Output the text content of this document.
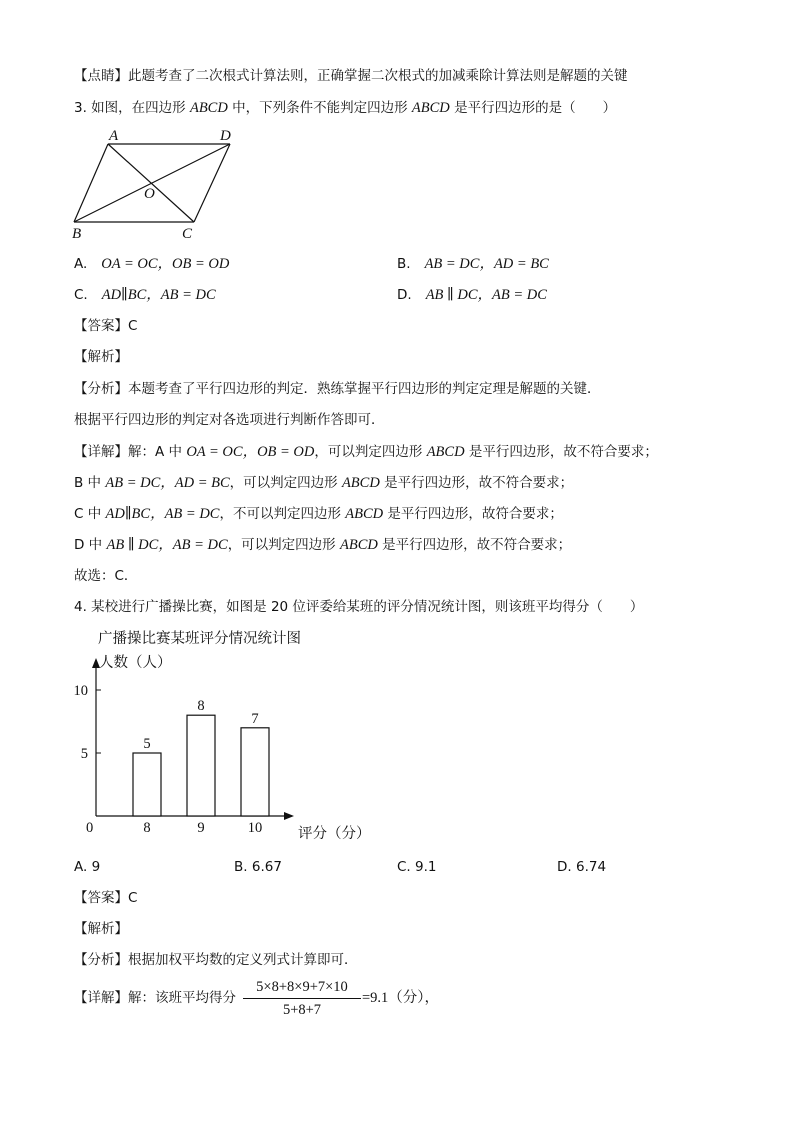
【点睛】此题考查了二次根式计算法则，正确掌握二次根式的加减乘除计算法则是解题的关键
3. 如图，在四边形 ABCD 中，下列条件不能判定四边形 ABCD 是平行四边形的是（　　）
A	D
O
B	C
A. OA = OC，OB = OD	B. AB = DC，AD = BC
C. AD∥BC，AB = DC	D. AB ∥ DC，AB = DC
【答案】C
【解析】
【分析】本题考查了平行四边形的判定．熟练掌握平行四边形的判定定理是解题的关键．
根据平行四边形的判定对各选项进行判断作答即可．
【详解】解：A 中 OA = OC，OB = OD，可以判定四边形 ABCD 是平行四边形，故不符合要求；
B 中 AB = DC，AD = BC，可以判定四边形 ABCD 是平行四边形，故不符合要求；
C 中 AD∥BC，AB = DC，不可以判定四边形 ABCD 是平行四边形，故符合要求；
D 中 AB ∥ DC，AB = DC，可以判定四边形 ABCD 是平行四边形，故不符合要求；
故选：C．
4. 某校进行广播操比赛，如图是 20 位评委给某班的评分情况统计图，则该班平均得分（　　）
广播操比赛某班评分情况统计图
人数（人）
评分（分）
0
5
10
5
8
8
9
7
10
A. 9	B. 6.67	C. 9.1	D. 6.74
【答案】C
【解析】
【分析】根据加权平均数的定义列式计算即可．
【详解】解：该班平均得分
5×8+8×9+7×10
5+8+7
=9.1（分），
